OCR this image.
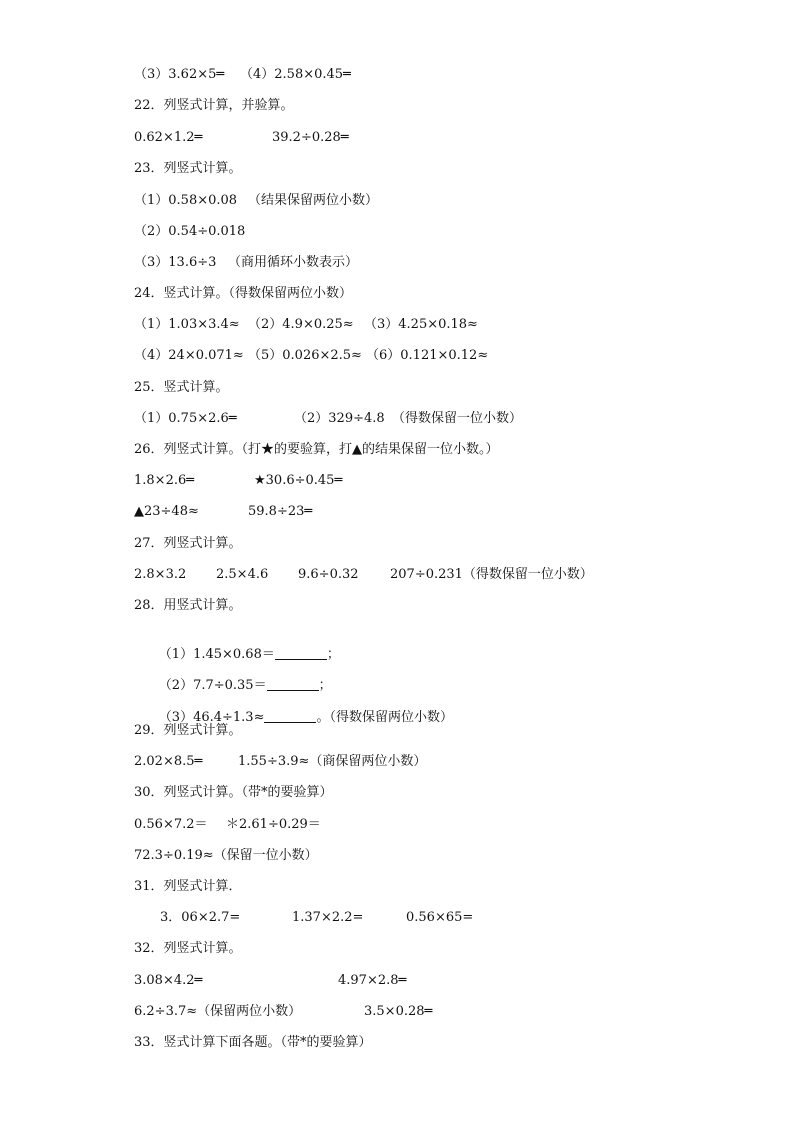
（3）3.62×5═

（4）2.58×0.45═

22．列竖式计算，并验算。

0.62×1.2═

	39.2÷0.28═

23．列竖式计算。

（1）0.58×0.08

（结果保留两位小数）

（2）0.54÷0.018

（3）13.6÷3

（商用循环小数表示）

24．竖式计算。（得数保留两位小数）

（1）1.03×3.4≈

（2）4.9×0.25≈

（3）4.25×0.18≈

（4）24×0.071≈

（5）0.026×2.5≈

（6）0.121×0.12≈

25．竖式计算。

（1）0.75×2.6═

	（2）329÷4.8

（得数保留一位小数）

26．列竖式计算。（打★的要验算，打▲的结果保留一位小数。）

1.8×2.6═

	★30.6÷0.45═

▲23÷48≈

	59.8÷23═

27．列竖式计算。

2.8×3.2

2.5×4.6

9.6÷0.32

207÷0.231（得数保留一位小数）

28．用竖式计算。

（1）1.45×0.68＝	；

（2）7.7÷0.35＝	；

（3）46.4÷1.3≈	。（得数保留两位小数）

29．列竖式计算。

2.02×8.5═

	1.55÷3.9≈（商保留两位小数）

30．列竖式计算。（带*的要验算）

0.56×7.2＝

＊2.61÷0.29＝

72.3÷0.19≈（保留一位小数）

31．列竖式计算．

3．06×2.7=

	1.37×2.2=

	0.56×65=

32．列竖式计算。

3.08×4.2═

	4.97×2.8═

6.2÷3.7≈（保留两位小数）

	3.5×0.28═

33．竖式计算下面各题。（带*的要验算）
